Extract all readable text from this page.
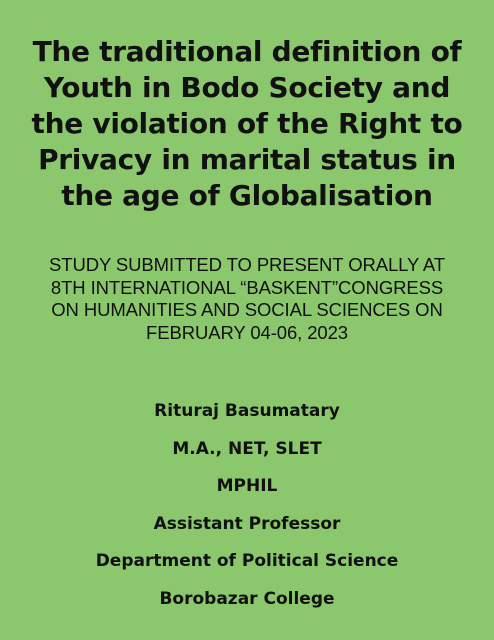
The traditional definition of
Youth in Bodo Society and
the violation of the Right to
Privacy in marital status in
the age of Globalisation

STUDY SUBMITTED TO PRESENT ORALLY AT
8TH INTERNATIONAL “BASKENT”CONGRESS
ON HUMANITIES AND SOCIAL SCIENCES ON
FEBRUARY 04-06, 2023

Rituraj Basumatary
M.A., NET, SLET
MPHIL
Assistant Professor
Department of Political Science
Borobazar College
